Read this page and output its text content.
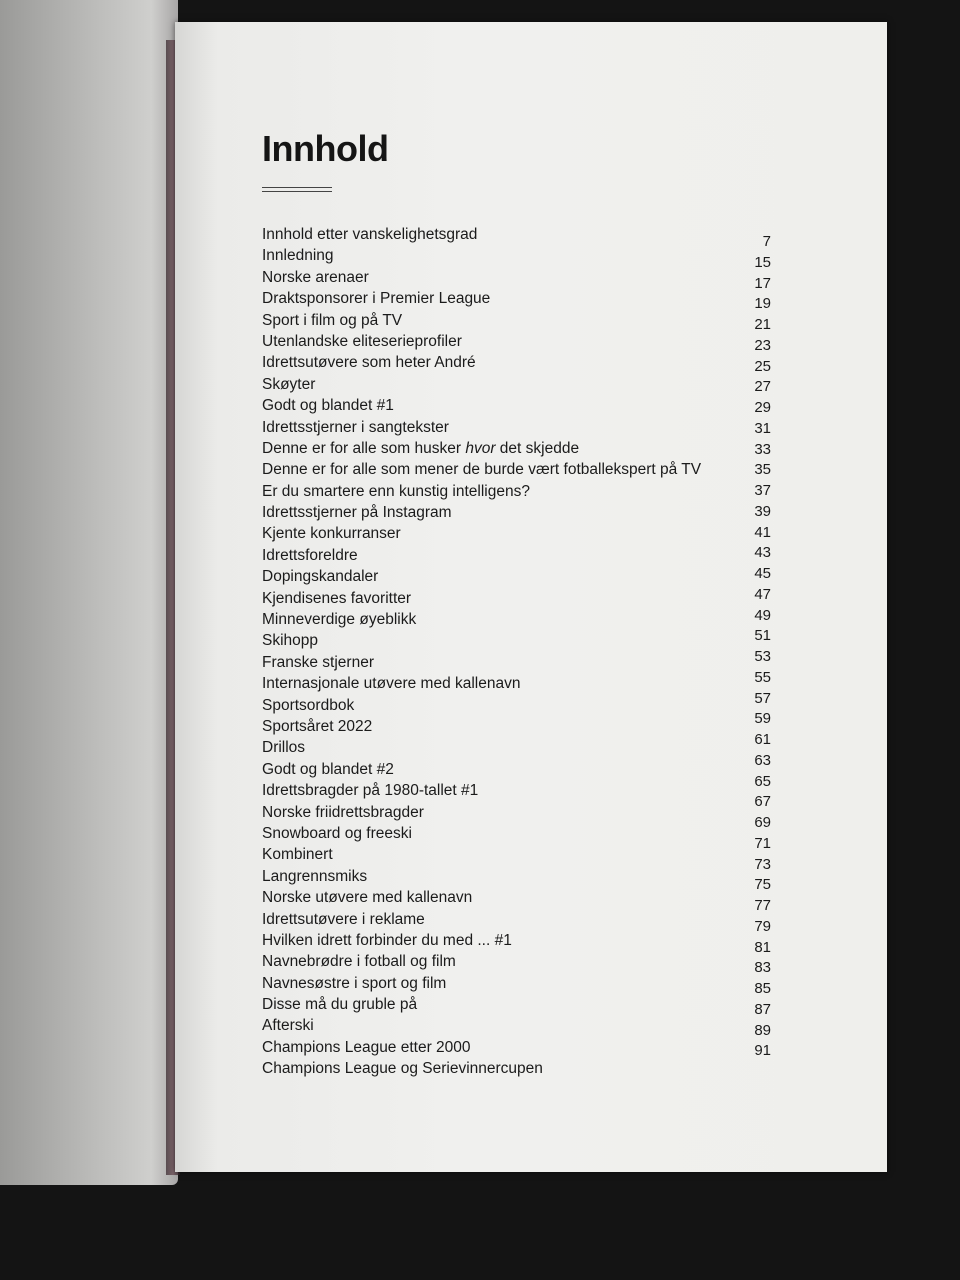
Innhold
Innhold etter vanskelighetsgrad
Innledning
Norske arenaer
Draktsponsorer i Premier League
Sport i film og på TV
Utenlandske eliteserieprofiler
Idrettsutøvere som heter André
Skøyter
Godt og blandet #1
Idrettsstjerner i sangtekster
Denne er for alle som husker hvor det skjedde
Denne er for alle som mener de burde vært fotballekspert på TV
Er du smartere enn kunstig intelligens?
Idrettsstjerner på Instagram
Kjente konkurranser
Idrettsforeldre
Dopingskandaler
Kjendisenes favoritter
Minneverdige øyeblikk
Skihopp
Franske stjerner
Internasjonale utøvere med kallenavn
Sportsordbok
Sportsåret 2022
Drillos
Godt og blandet #2
Idrettsbragder på 1980-tallet #1
Norske friidrettsbragder
Snowboard og freeski
Kombinert
Langrennsmiks
Norske utøvere med kallenavn
Idrettsutøvere i reklame
Hvilken idrett forbinder du med ... #1
Navnebrødre i fotball og film
Navnesøstre i sport og film
Disse må du gruble på
Afterski
Champions League etter 2000
Champions League og Serievinnercupen
7
15
17
19
21
23
25
27
29
31
33
35
37
39
41
43
45
47
49
51
53
55
57
59
61
63
65
67
69
71
73
75
77
79
81
83
85
87
89
91
